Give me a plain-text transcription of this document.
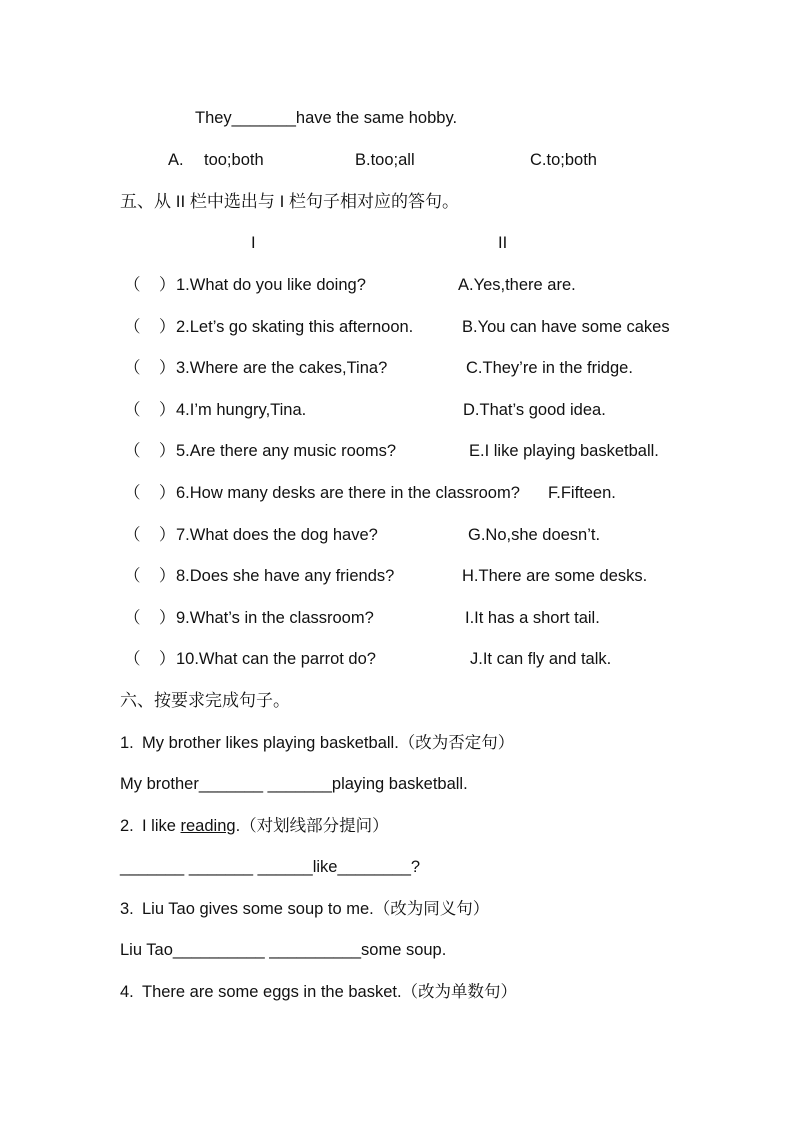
They_______have the same hobby.
A. too;both	B.too;all	C.to;both
五、从 II 栏中选出与 I 栏句子相对应的答句。
I	II
（    ） 1.What do you like doing?	A.Yes,there are.
（    ） 2.Let’s go skating this afternoon.	B.You can have some cakes
（    ） 3.Where are the cakes,Tina?	C.They’re in the fridge.
（    ） 4.I’m hungry,Tina.	D.That’s good idea.
（    ） 5.Are there any music rooms?	E.I like playing basketball.
（    ） 6.How many desks are there in the classroom? F.Fifteen.
（    ） 7.What does the dog have?	G.No,she doesn’t.
（    ） 8.Does she have any friends?	H.There are some desks.
（    ） 9.What’s in the classroom?	I.It has a short tail.
（    ） 10.What can the parrot do?	J.It can fly and talk.
六、按要求完成句子。
1. My brother likes playing basketball.（改为否定句）
My brother_______ _______playing basketball.
2. I like reading.（对划线部分提问）
_______ _______ ______like________?
3. Liu Tao gives some soup to me.（改为同义句）
Liu Tao__________ __________some soup.
4. There are some eggs in the basket.（改为单数句）
